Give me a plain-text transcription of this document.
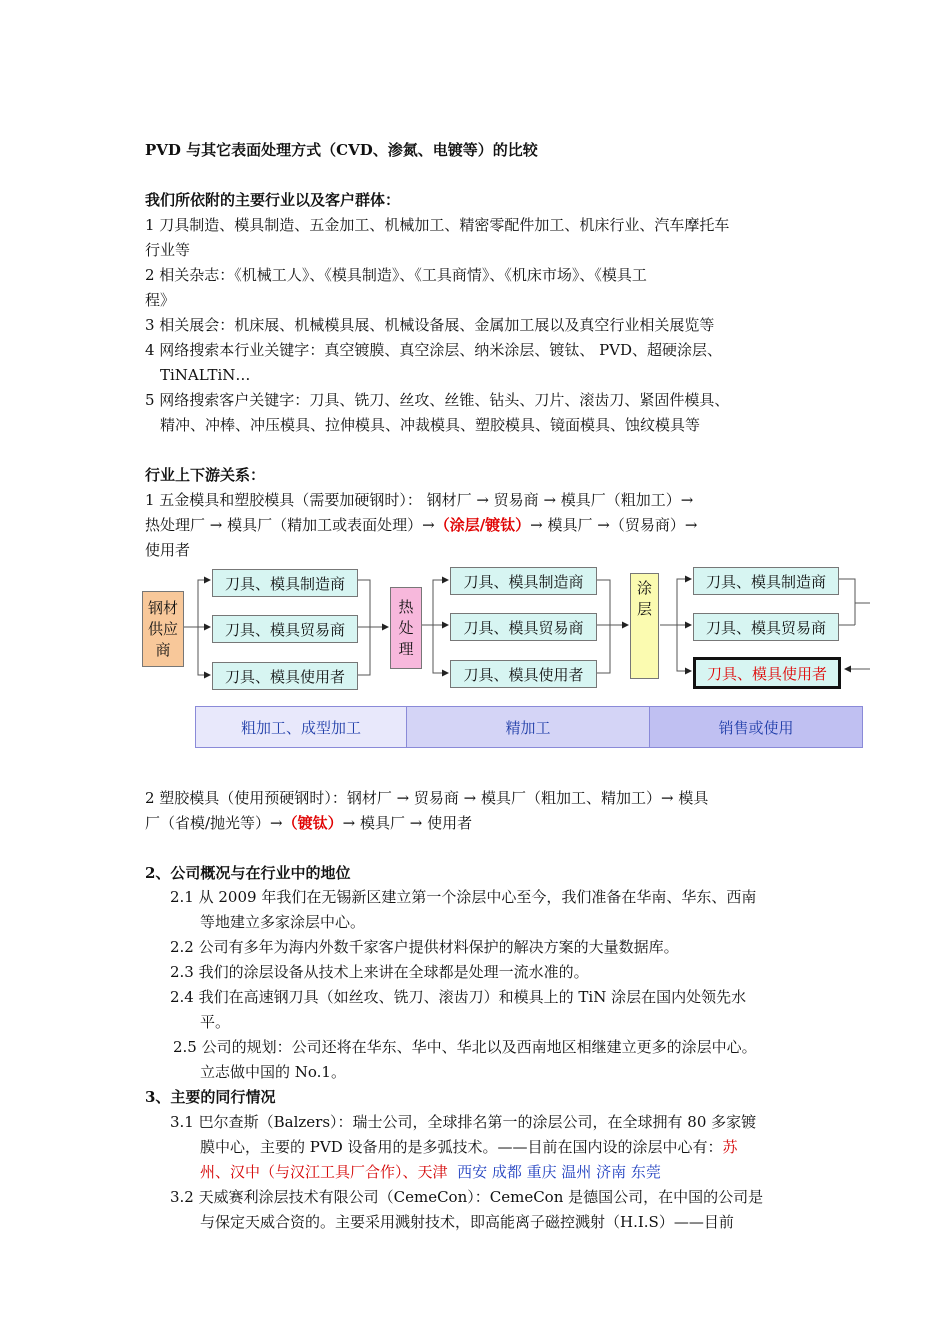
PVD 与其它表面处理方式（CVD、渗氮、电镀等）的比较
我们所依附的主要行业以及客户群体：
1 刀具制造、模具制造、五金加工、机械加工、精密零配件加工、机床行业、汽车摩托车
行业等
2 相关杂志：《机械工人》、《模具制造》、《工具商情》、《机床市场》、《模具工
程》
3 相关展会：机床展、机械模具展、机械设备展、金属加工展以及真空行业相关展览等
4 网络搜索本行业关键字：真空镀膜、真空涂层、纳米涂层、镀钛、 PVD、超硬涂层、
TiNALTiN…
5 网络搜索客户关键字：刀具、铣刀、丝攻、丝锥、钻头、刀片、滚齿刀、紧固件模具、
精冲、冲棒、冲压模具、拉伸模具、冲裁模具、塑胶模具、镜面模具、蚀纹模具等
行业上下游关系：
1 五金模具和塑胶模具（需要加硬钢时）： 钢材厂 → 贸易商 → 模具厂（粗加工）→
热处理厂 → 模具厂（精加工或表面处理）→（涂层/镀钛）→ 模具厂 →（贸易商）→
使用者
钢材供应商
刀具、模具制造商
刀具、模具贸易商
刀具、模具使用者
热处理
刀具、模具制造商
刀具、模具贸易商
刀具、模具使用者
涂层
刀具、模具制造商
刀具、模具贸易商
刀具、模具使用者
粗加工、成型加工	精加工	销售或使用
2 塑胶模具（使用预硬钢时）：钢材厂 → 贸易商 → 模具厂（粗加工、精加工）→ 模具
厂（省模/抛光等）→（镀钛）→ 模具厂 → 使用者
2、公司概况与在行业中的地位
2.1 从 2009 年我们在无锡新区建立第一个涂层中心至今，我们准备在华南、华东、西南
等地建立多家涂层中心。
2.2 公司有多年为海内外数千家客户提供材料保护的解决方案的大量数据库。
2.3 我们的涂层设备从技术上来讲在全球都是处理一流水准的。
2.4 我们在高速钢刀具（如丝攻、铣刀、滚齿刀）和模具上的 TiN 涂层在国内处领先水
平。
2.5 公司的规划：公司还将在华东、华中、华北以及西南地区相继建立更多的涂层中心。
立志做中国的 No.1。
3、主要的同行情况
3.1 巴尔查斯（Balzers）：瑞士公司，全球排名第一的涂层公司，在全球拥有 80 多家镀
膜中心，主要的 PVD 设备用的是多弧技术。——目前在国内设的涂层中心有：苏
州、汉中（与汉江工具厂合作）、天津 西安 成都 重庆 温州 济南 东莞
3.2 天威赛利涂层技术有限公司（CemeCon）：CemeCon 是德国公司，在中国的公司是
与保定天威合资的。主要采用溅射技术，即高能离子磁控溅射（H.I.S）——目前
